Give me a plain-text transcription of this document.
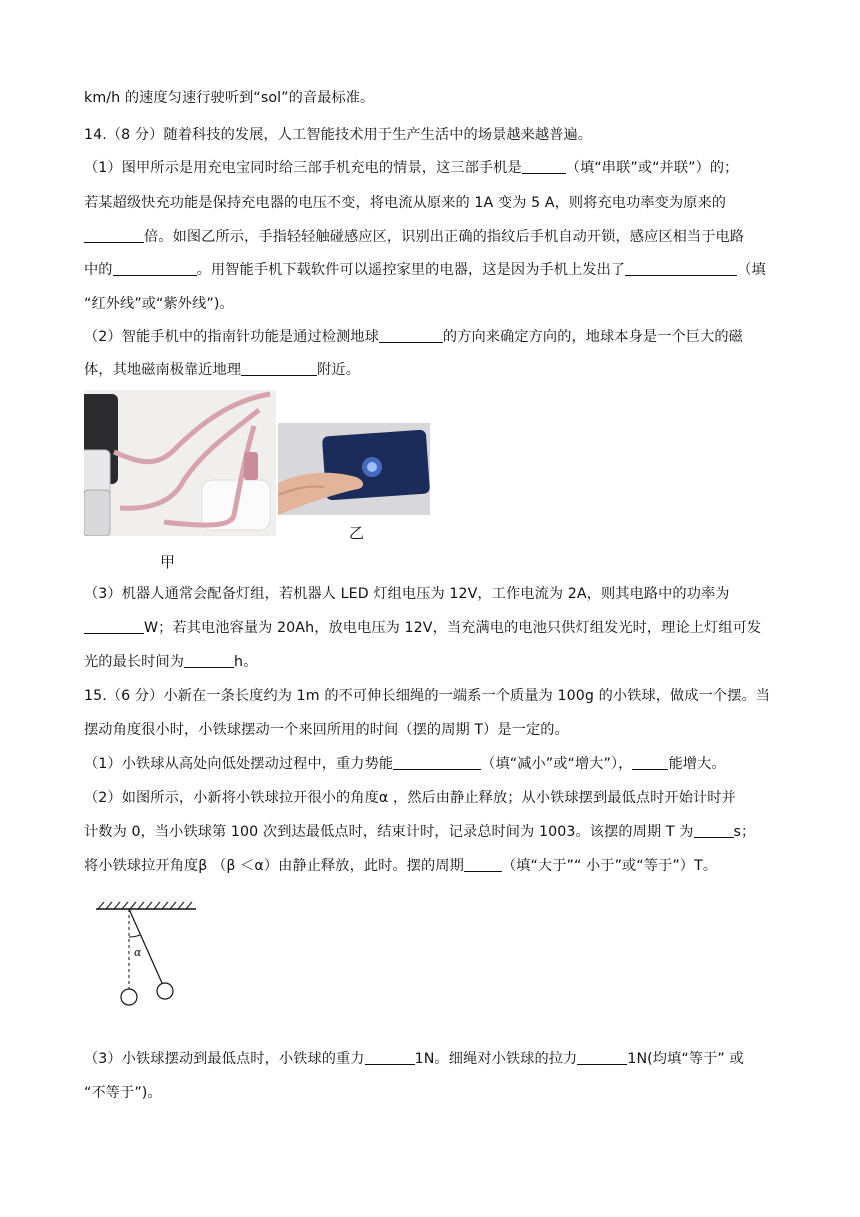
km/h 的速度匀速行驶听到“sol”的音最标准。
14.（8 分）随着科技的发展，人工智能技术用于生产生活中的场景越来越普遍。
（1）图甲所示是用充电宝同时给三部手机充电的情景，这三部手机是	（填“串联”或“并联”）的；
若某超级快充功能是保持充电器的电压不变，将电流从原来的 1A 变为 5 A，则将充电功率变为原来的
倍。如图乙所示，手指轻轻触碰感应区，识别出正确的指纹后手机自动开锁，感应区相当于电路
中的	。用智能手机下载软件可以遥控家里的电器，这是因为手机上发出了	（填
“红外线”或“紫外线”)。
（2）智能手机中的指南针功能是通过检测地球	的方向来确定方向的，地球本身是一个巨大的磁
体，其地磁南极靠近地理	附近。
乙
甲
（3）机器人通常会配备灯组，若机器人 LED 灯组电压为 12V，工作电流为 2A，则其电路中的功率为
W；若其电池容量为 20Ah，放电电压为 12V，当充满电的电池只供灯组发光时，理论上灯组可发
光的最长时间为	h。
15.（6 分）小新在一条长度约为 1m 的不可伸长细绳的一端系一个质量为 100g 的小铁球，做成一个摆。当
摆动角度很小时，小铁球摆动一个来回所用的时间（摆的周期 T）是一定的。
（1）小铁球从高处向低处摆动过程中，重力势能	（填“减小”或“增大”），	能增大。
（2）如图所示，小新将小铁球拉开很小的角度α ，然后由静止释放；从小铁球摆到最低点时开始计时并
计数为 0，当小铁球第 100 次到达最低点时，结束计时，记录总时间为 1003。该摆的周期 T 为	s；
将小铁球拉开角度β （β ＜α）由静止释放，此时。摆的周期	（填“大于”“ 小于”或“等于”）T。
α
（3）小铁球摆动到最低点时，小铁球的重力	1N。细绳对小铁球的拉力	1N(均填“等于” 或
“不等于”)。
